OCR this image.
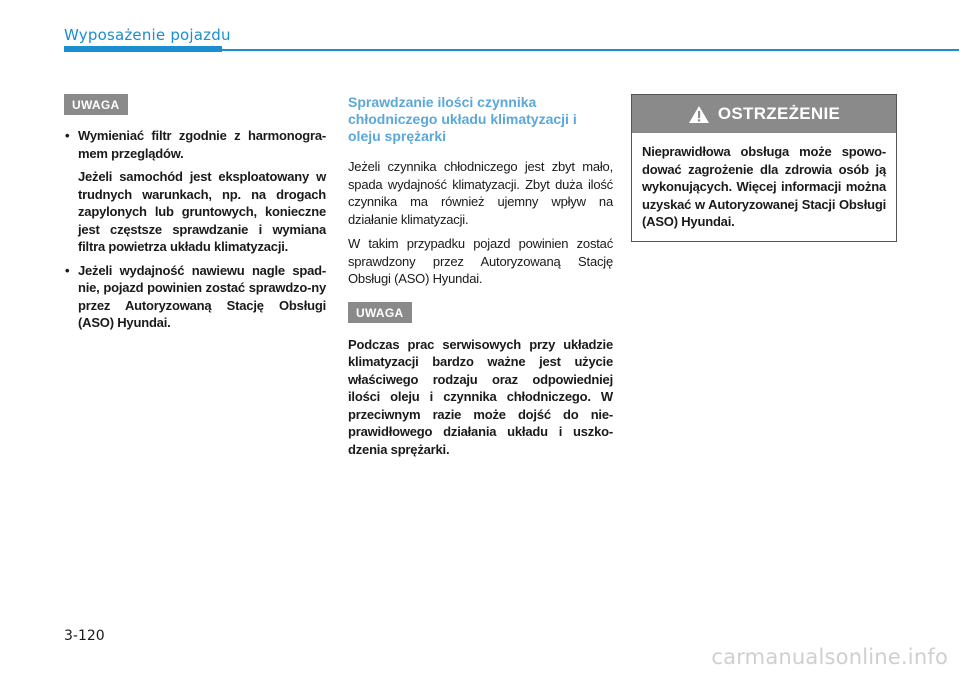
Wyposażenie pojazdu
UWAGA

• Wymieniać filtr zgodnie z harmonogra-mem przeglądów.

Jeżeli samochód jest eksploatowany w trudnych warunkach, np. na drogach zapylonych lub gruntowych, konieczne jest częstsze sprawdzanie i wymiana filtra powietrza układu klimatyzacji.

• Jeżeli wydajność nawiewu nagle spad-nie, pojazd powinien zostać sprawdzo-ny przez Autoryzowaną Stację Obsługi (ASO) Hyundai.

Sprawdzanie ilości czynnika chłodniczego układu klimatyzacji i oleju sprężarki

Jeżeli czynnika chłodniczego jest zbyt mało, spada wydajność klimatyzacji. Zbyt duża ilość czynnika ma również ujemny wpływ na działanie klimatyzacji.

W takim przypadku pojazd powinien zostać sprawdzony przez Autoryzowaną Stację Obsługi (ASO) Hyundai.

UWAGA

Podczas prac serwisowych przy układzie klimatyzacji bardzo ważne jest użycie właściwego rodzaju oraz odpowiedniej ilości oleju i czynnika chłodniczego. W przeciwnym razie może dojść do nie-prawidłowego działania układu i uszko-dzenia sprężarki.

OSTRZEŻENIE
Nieprawidłowa obsługa może spowo-dować zagrożenie dla zdrowia osób ją wykonujących. Więcej informacji można uzyskać w Autoryzowanej Stacji Obsługi (ASO) Hyundai.
3-120
carmanualsonline.info
